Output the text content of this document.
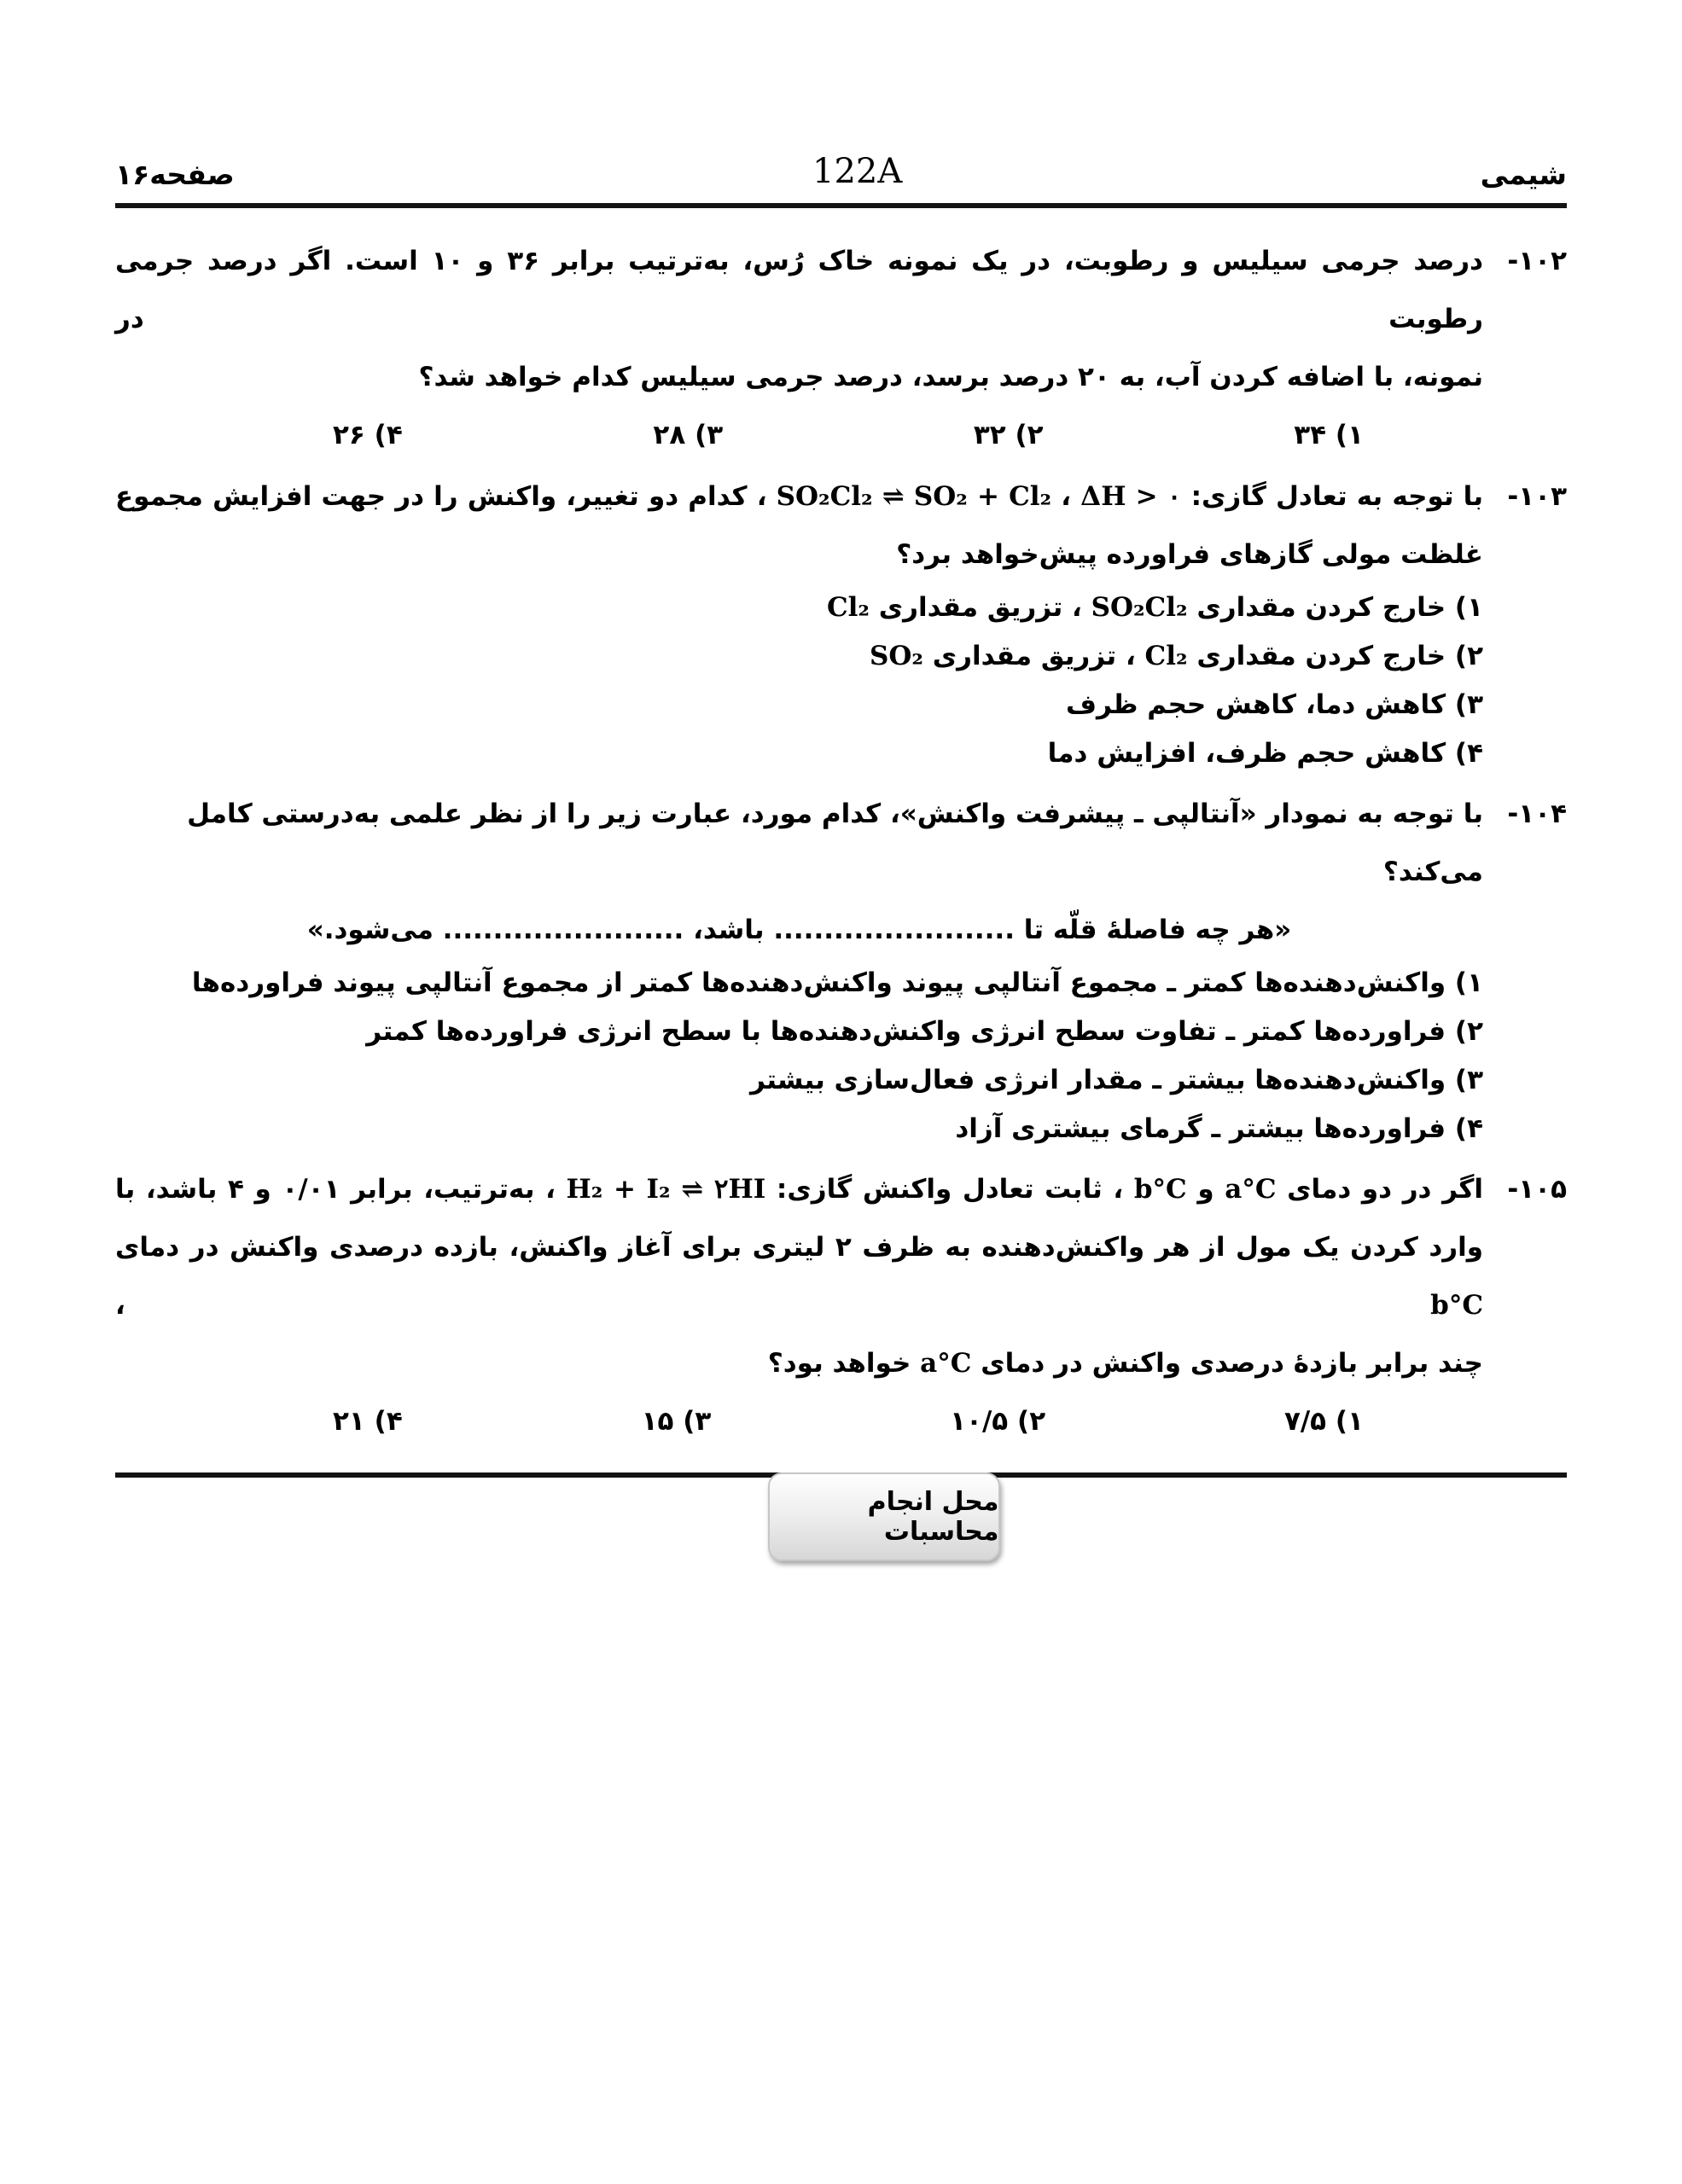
شیمی
122A
صفحه۱۶
۱۰۲-
درصد جرمی سیلیس و رطوبت، در یک نمونه خاک رُس، به‌ترتیب برابر ۳۶ و ۱۰ است. اگر درصد جرمی رطوبت در
نمونه، با اضافه کردن آب، به ۲۰ درصد برسد، درصد جرمی سیلیس کدام خواهد شد؟
۱) ۳۴
۲) ۳۲
۳) ۲۸
۴) ۲۶
۱۰۳-
با توجه به تعادل گازی: ΔH > ۰ ، SO₂Cl₂ ⇌ SO₂ + Cl₂ ، کدام دو تغییر، واکنش را در جهت افزایش مجموع
غلظت مولی گازهای فراورده پیش‌خواهد برد؟
۱) خارج کردن مقداری SO₂Cl₂ ، تزریق مقداری Cl₂
۲) خارج کردن مقداری Cl₂ ، تزریق مقداری SO₂
۳) کاهش دما، کاهش حجم ظرف
۴) کاهش حجم ظرف، افزایش دما
۱۰۴-
با توجه به نمودار «آنتالپی ـ پیشرفت واکنش»، کدام مورد، عبارت زیر را از نظر علمی به‌درستی کامل می‌کند؟
«هر چه فاصلۀ قلّه تا ........................ باشد، ........................ می‌شود.»
۱) واکنش‌دهنده‌ها کمتر ـ مجموع آنتالپی پیوند واکنش‌دهنده‌ها کمتر از مجموع آنتالپی پیوند فراورده‌ها
۲) فراورده‌ها کمتر ـ تفاوت سطح انرژی واکنش‌دهنده‌ها با سطح انرژی فراورده‌ها کمتر
۳) واکنش‌دهنده‌ها بیشتر ـ مقدار انرژی فعال‌سازی بیشتر
۴) فراورده‌ها بیشتر ـ گرمای بیشتری آزاد
۱۰۵-
اگر در دو دمای a°C و b°C ، ثابت تعادل واکنش گازی: H₂ + I₂ ⇌ ۲HI ، به‌ترتیب، برابر ۰/۰۱ و ۴ باشد، با
وارد کردن یک مول از هر واکنش‌دهنده به ظرف ۲ لیتری برای آغاز واکنش، بازده درصدی واکنش در دمای b°C ،
چند برابر بازدۀ درصدی واکنش در دمای a°C خواهد بود؟
۱) ۷/۵
۲) ۱۰/۵
۳) ۱۵
۴) ۲۱
محل انجام محاسبات
